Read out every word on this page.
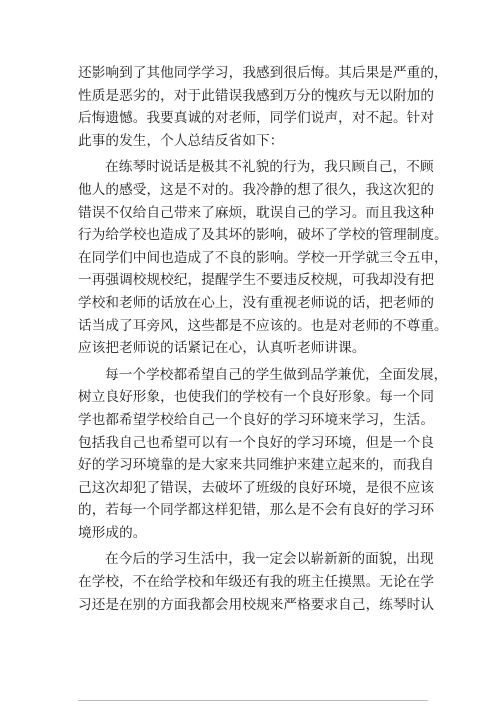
还影响到了其他同学学习，我感到很后悔。其后果是严重的，
性质是恶劣的，对于此错误我感到万分的愧疚与无以附加的
后悔遗憾。我要真诚的对老师，同学们说声，对不起。针对
此事的发生，个人总结反省如下：
在练琴时说话是极其不礼貌的行为，我只顾自己，不顾
他人的感受，这是不对的。我冷静的想了很久，我这次犯的
错误不仅给自己带来了麻烦，耽误自己的学习。而且我这种
行为给学校也造成了及其坏的影响，破坏了学校的管理制度。
在同学们中间也造成了不良的影响。学校一开学就三令五申，
一再强调校规校纪，提醒学生不要违反校规，可我却没有把
学校和老师的话放在心上，没有重视老师说的话，把老师的
话当成了耳旁风，这些都是不应该的。也是对老师的不尊重。
应该把老师说的话紧记在心，认真听老师讲课。
每一个学校都希望自己的学生做到品学兼优，全面发展，
树立良好形象，也使我们的学校有一个良好形象。每一个同
学也都希望学校给自己一个良好的学习环境来学习，生活。
包括我自己也希望可以有一个良好的学习环境，但是一个良
好的学习环境靠的是大家来共同维护来建立起来的，而我自
己这次却犯了错误，去破坏了班级的良好环境，是很不应该
的，若每一个同学都这样犯错，那么是不会有良好的学习环
境形成的。
在今后的学习生活中，我一定会以崭新新的面貌，出现
在学校，不在给学校和年级还有我的班主任摸黑。无论在学
习还是在别的方面我都会用校规来严格要求自己，练琴时认
